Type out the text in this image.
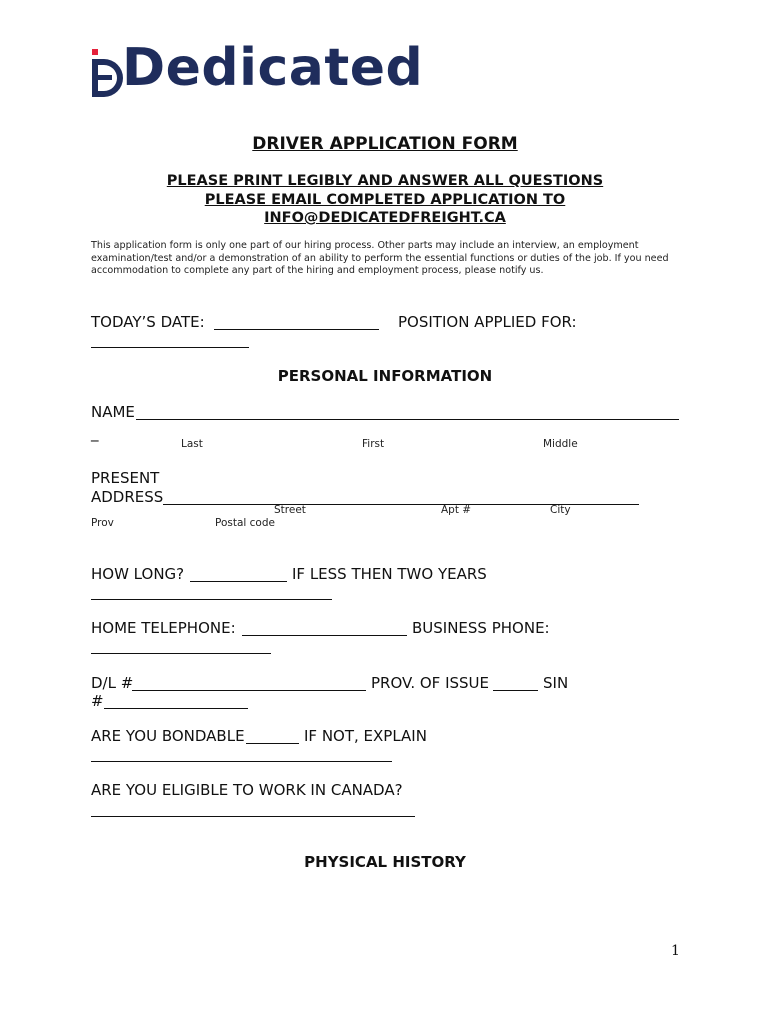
Dedicated
DRIVER APPLICATION FORM
PLEASE PRINT LEGIBLY AND ANSWER ALL QUESTIONS
PLEASE EMAIL COMPLETED APPLICATION TO
INFO@DEDICATEDFREIGHT.CA
This application form is only one part of our hiring process. Other parts may include an interview, an employment examination/test and/or a demonstration of an ability to perform the essential functions or duties of the job. If you need accommodation to complete any part of the hiring and employment process, please notify us.
TODAY’S DATE:	POSITION APPLIED FOR:
PERSONAL INFORMATION
NAME
_
Last	First	Middle
PRESENT
ADDRESS
Street	Apt #	City
Prov	Postal code
HOW LONG?	IF LESS THEN TWO YEARS
HOME TELEPHONE:	BUSINESS PHONE:
D/L #	PROV. OF ISSUE	SIN
#
ARE YOU BONDABLE	IF NOT, EXPLAIN
ARE YOU ELIGIBLE TO WORK IN CANADA?
PHYSICAL HISTORY
1
